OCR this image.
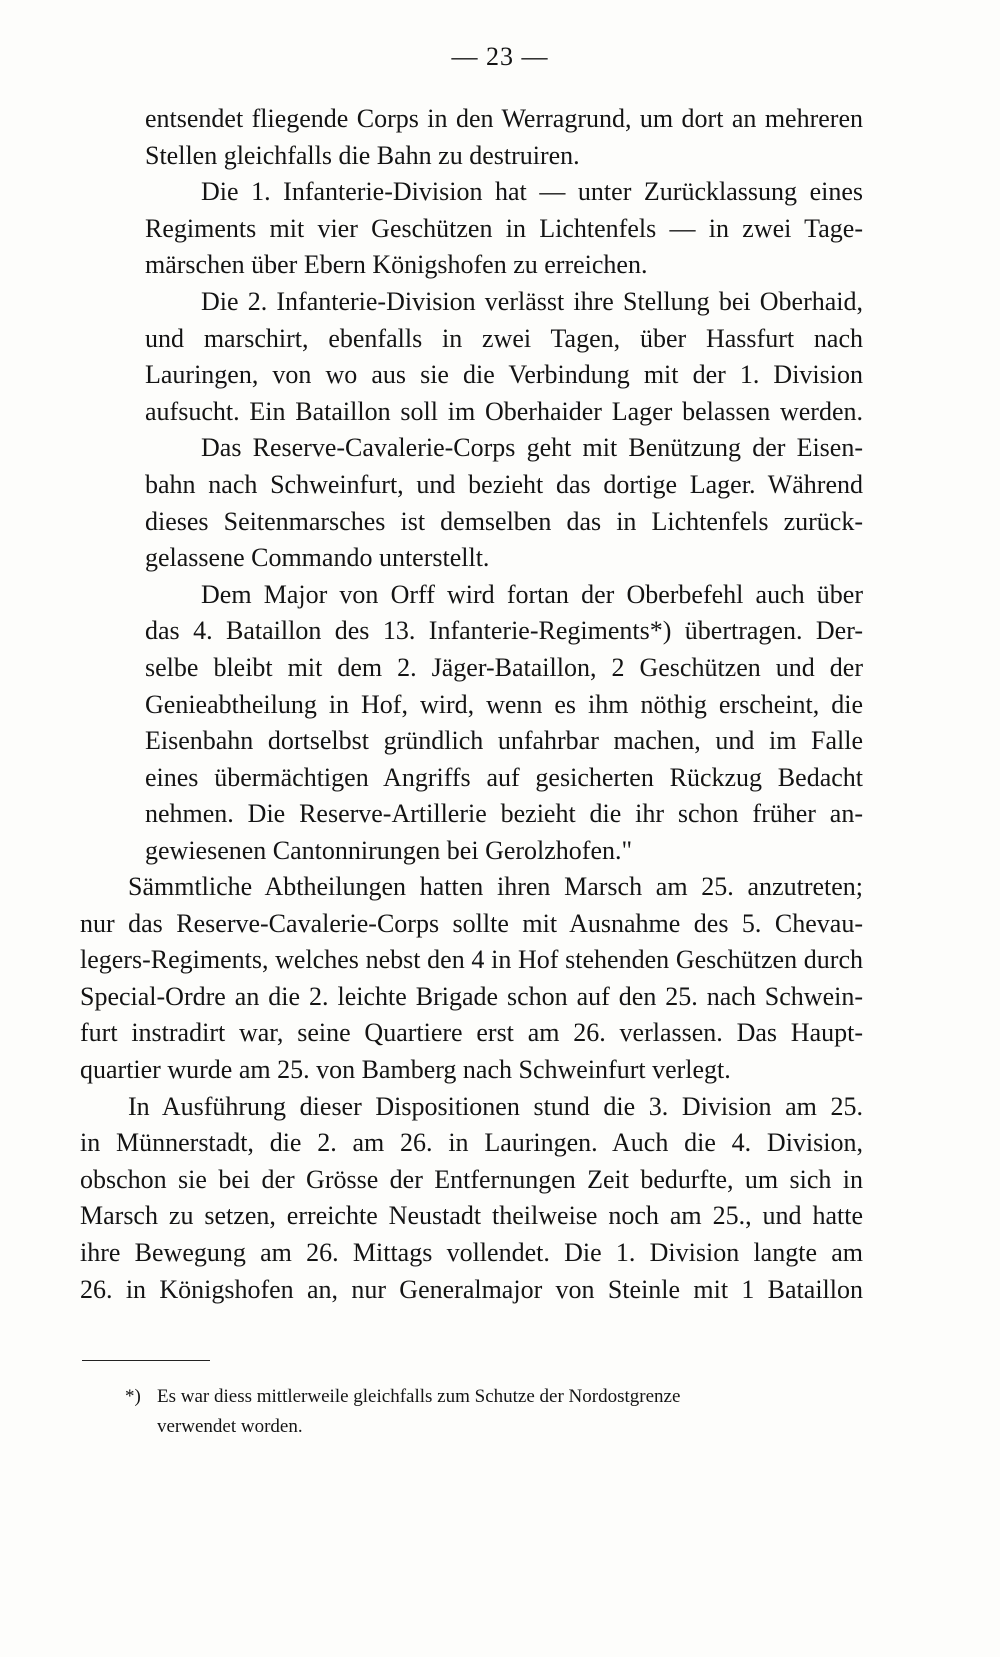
— 23 —
entsendet fliegende Corps in den Werragrund, um dort an mehreren
Stellen gleichfalls die Bahn zu destruiren.
Die 1. Infanterie-Division hat — unter Zurücklassung eines
Regiments mit vier Geschützen in Lichtenfels — in zwei Tage-
märschen über Ebern Königshofen zu erreichen.
Die 2. Infanterie-Division verlässt ihre Stellung bei Oberhaid,
und marschirt, ebenfalls in zwei Tagen, über Hassfurt nach
Lauringen, von wo aus sie die Verbindung mit der 1. Division
aufsucht. Ein Bataillon soll im Oberhaider Lager belassen werden.
Das Reserve-Cavalerie-Corps geht mit Benützung der Eisen-
bahn nach Schweinfurt, und bezieht das dortige Lager. Während
dieses Seitenmarsches ist demselben das in Lichtenfels zurück-
gelassene Commando unterstellt.
Dem Major von Orff wird fortan der Oberbefehl auch über
das 4. Bataillon des 13. Infanterie-Regiments*) übertragen. Der-
selbe bleibt mit dem 2. Jäger-Bataillon, 2 Geschützen und der
Genieabtheilung in Hof, wird, wenn es ihm nöthig erscheint, die
Eisenbahn dortselbst gründlich unfahrbar machen, und im Falle
eines übermächtigen Angriffs auf gesicherten Rückzug Bedacht
nehmen. Die Reserve-Artillerie bezieht die ihr schon früher an-
gewiesenen Cantonnirungen bei Gerolzhofen."
Sämmtliche Abtheilungen hatten ihren Marsch am 25. anzutreten;
nur das Reserve-Cavalerie-Corps sollte mit Ausnahme des 5. Chevau-
legers-Regiments, welches nebst den 4 in Hof stehenden Geschützen durch
Special-Ordre an die 2. leichte Brigade schon auf den 25. nach Schwein-
furt instradirt war, seine Quartiere erst am 26. verlassen. Das Haupt-
quartier wurde am 25. von Bamberg nach Schweinfurt verlegt.
In Ausführung dieser Dispositionen stund die 3. Division am 25.
in Münnerstadt, die 2. am 26. in Lauringen. Auch die 4. Division,
obschon sie bei der Grösse der Entfernungen Zeit bedurfte, um sich in
Marsch zu setzen, erreichte Neustadt theilweise noch am 25., und hatte
ihre Bewegung am 26. Mittags vollendet. Die 1. Division langte am
26. in Königshofen an, nur Generalmajor von Steinle mit 1 Bataillon
*) Es war diess mittlerweile gleichfalls zum Schutze der Nordostgrenze
verwendet worden.
